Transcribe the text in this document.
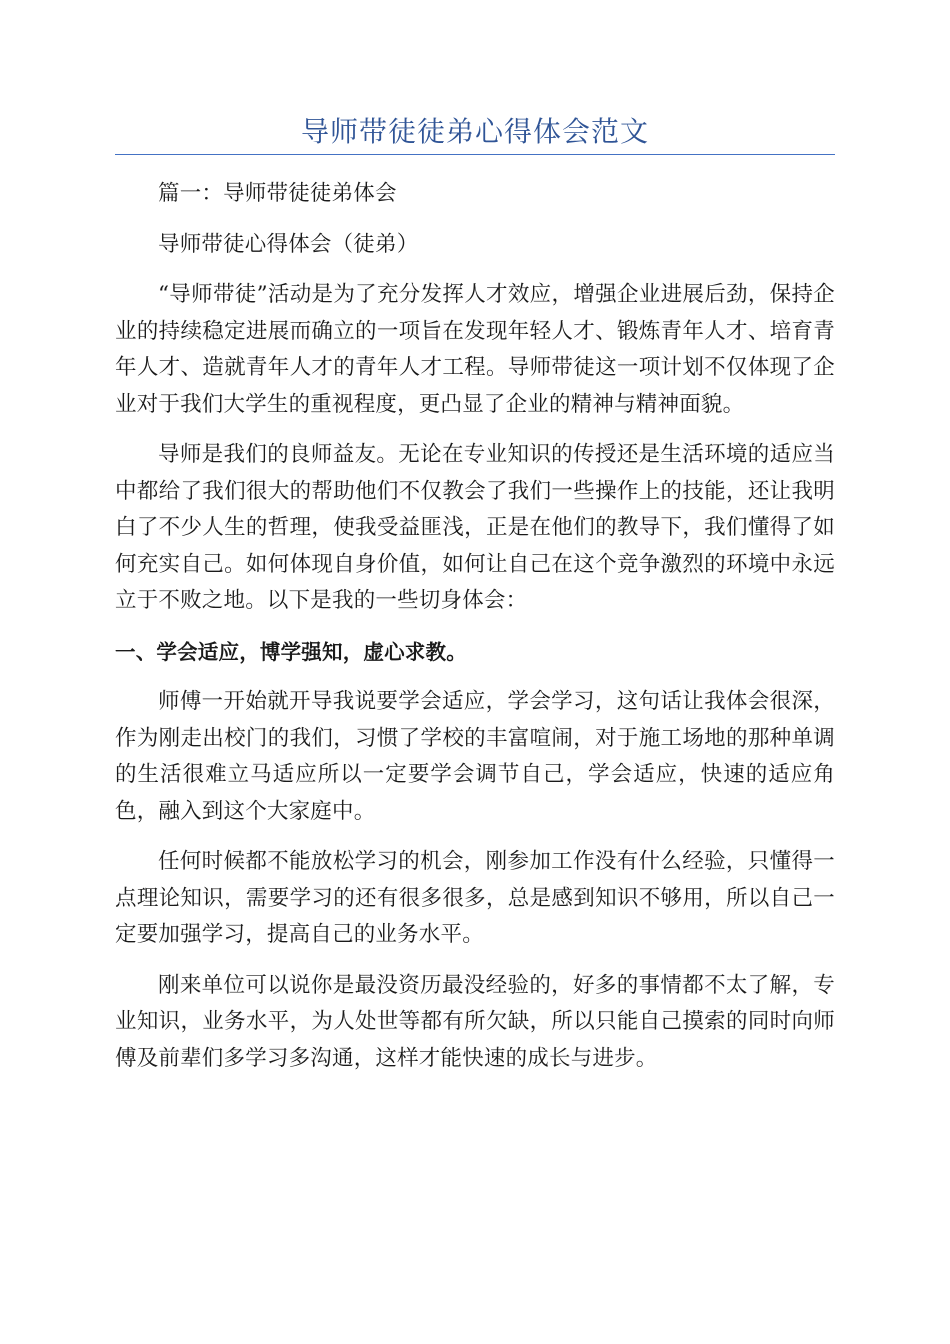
导师带徒徒弟心得体会范文

篇一：导师带徒徒弟体会

导师带徒心得体会（徒弟）

“导师带徒”活动是为了充分发挥人才效应，增强企业进展后劲，保持企业的持续稳定进展而确立的一项旨在发现年轻人才、锻炼青年人才、培育青年人才、造就青年人才的青年人才工程。导师带徒这一项计划不仅体现了企业对于我们大学生的重视程度，更凸显了企业的精神与精神面貌。

导师是我们的良师益友。无论在专业知识的传授还是生活环境的适应当中都给了我们很大的帮助他们不仅教会了我们一些操作上的技能，还让我明白了不少人生的哲理，使我受益匪浅，正是在他们的教导下，我们懂得了如何充实自己。如何体现自身价值，如何让自己在这个竞争激烈的环境中永远立于不败之地。以下是我的一些切身体会：

一、学会适应，博学强知，虚心求教。

师傅一开始就开导我说要学会适应，学会学习，这句话让我体会很深，作为刚走出校门的我们，习惯了学校的丰富喧闹，对于施工场地的那种单调的生活很难立马适应所以一定要学会调节自己，学会适应，快速的适应角色，融入到这个大家庭中。

任何时候都不能放松学习的机会，刚参加工作没有什么经验，只懂得一点理论知识，需要学习的还有很多很多，总是感到知识不够用，所以自己一定要加强学习，提高自己的业务水平。

刚来单位可以说你是最没资历最没经验的，好多的事情都不太了解，专业知识，业务水平，为人处世等都有所欠缺，所以只能自己摸索的同时向师傅及前辈们多学习多沟通，这样才能快速的成长与进步。
